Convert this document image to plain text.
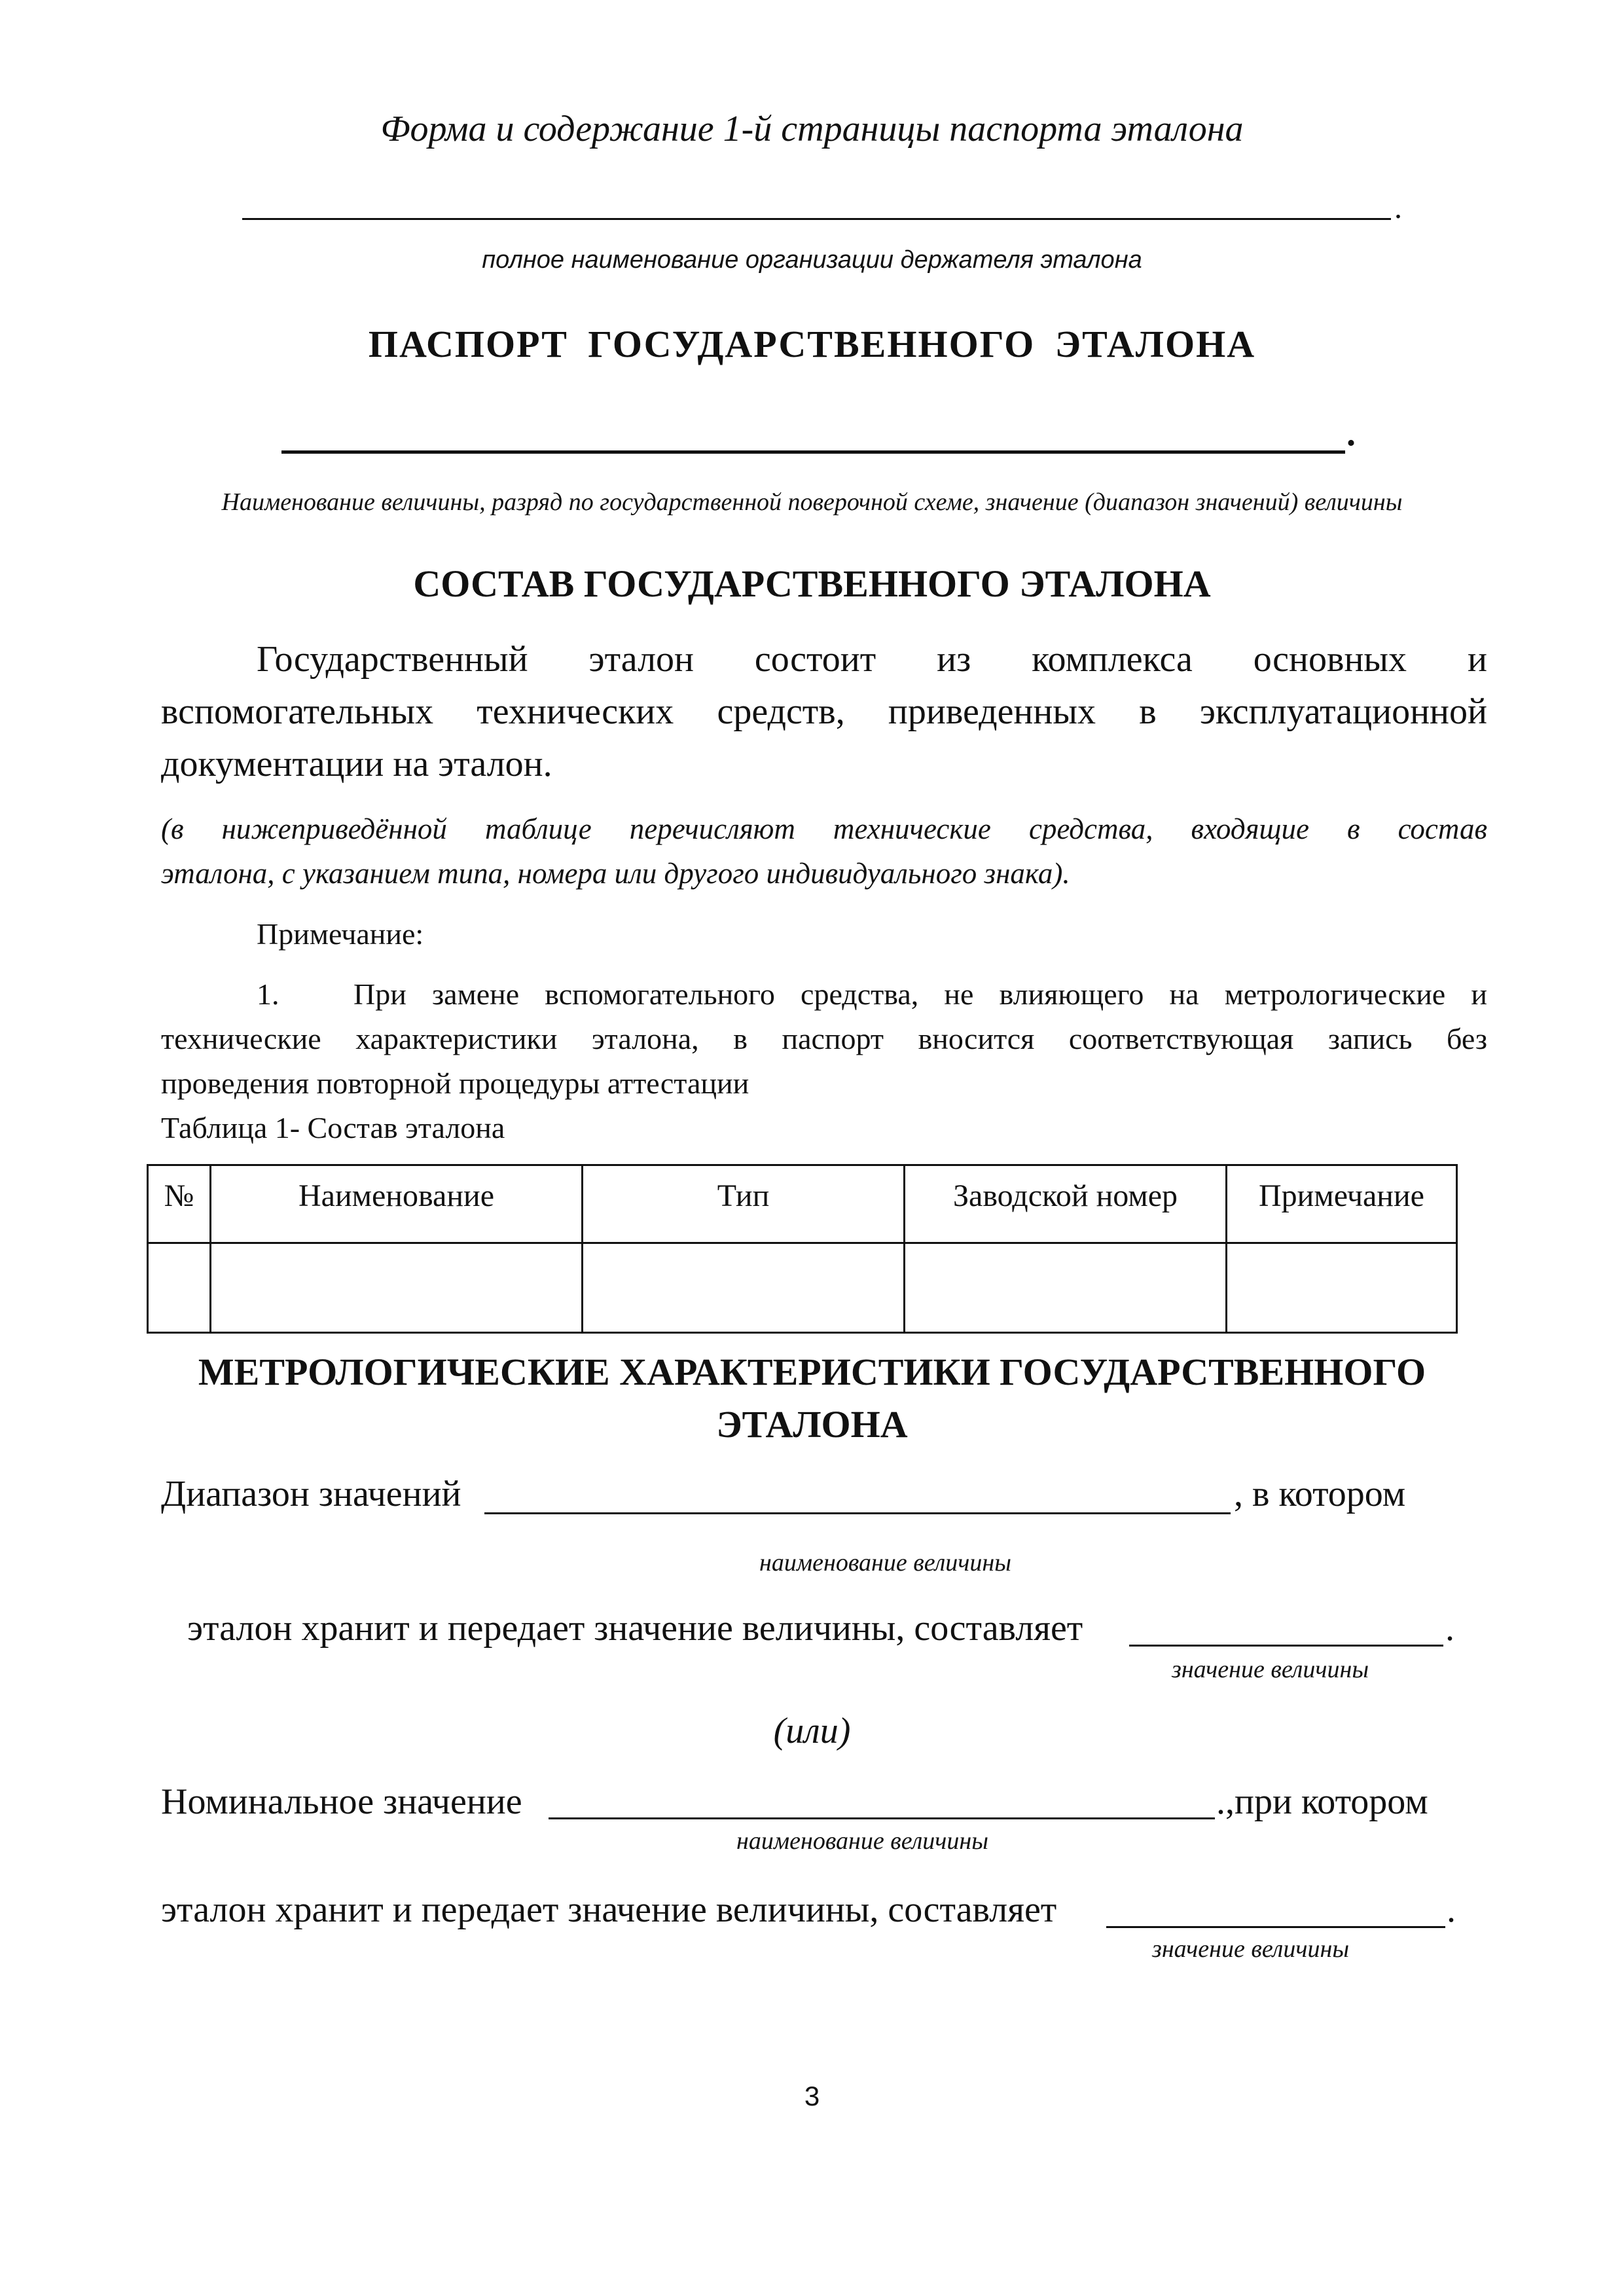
Форма и содержание 1-й страницы паспорта эталона
.
полное наименование организации держателя эталона
ПАСПОРТ ГОСУДАРСТВЕННОГО ЭТАЛОНА
.
Наименование величины, разряд по государственной поверочной схеме, значение (диапазон значений) величины
СОСТАВ ГОСУДАРСТВЕННОГО ЭТАЛОНА
Государственный эталон состоит из комплекса основных и
вспомогательных технических средств, приведенных в эксплуатационной
документации на эталон.
(в нижеприведённой таблице перечисляют технические средства, входящие в состав
эталона, с указанием типа, номера или другого индивидуального знака).
Примечание:
1. При замене вспомогательного средства, не влияющего на метрологические и
технические характеристики эталона, в паспорт вносится соответствующая запись без
проведения повторной процедуры аттестации
Таблица 1- Состав эталона
№	Наименование	Тип	Заводской номер	Примечание

МЕТРОЛОГИЧЕСКИЕ ХАРАКТЕРИСТИКИ ГОСУДАРСТВЕННОГО
ЭТАЛОНА
Диапазон значений	, в котором
наименование величины
эталон хранит и передает значение величины, составляет	.
значение величины
(или)
Номинальное значение	.,при котором
наименование величины
эталон хранит и передает значение величины, составляет	.
значение величины
3
